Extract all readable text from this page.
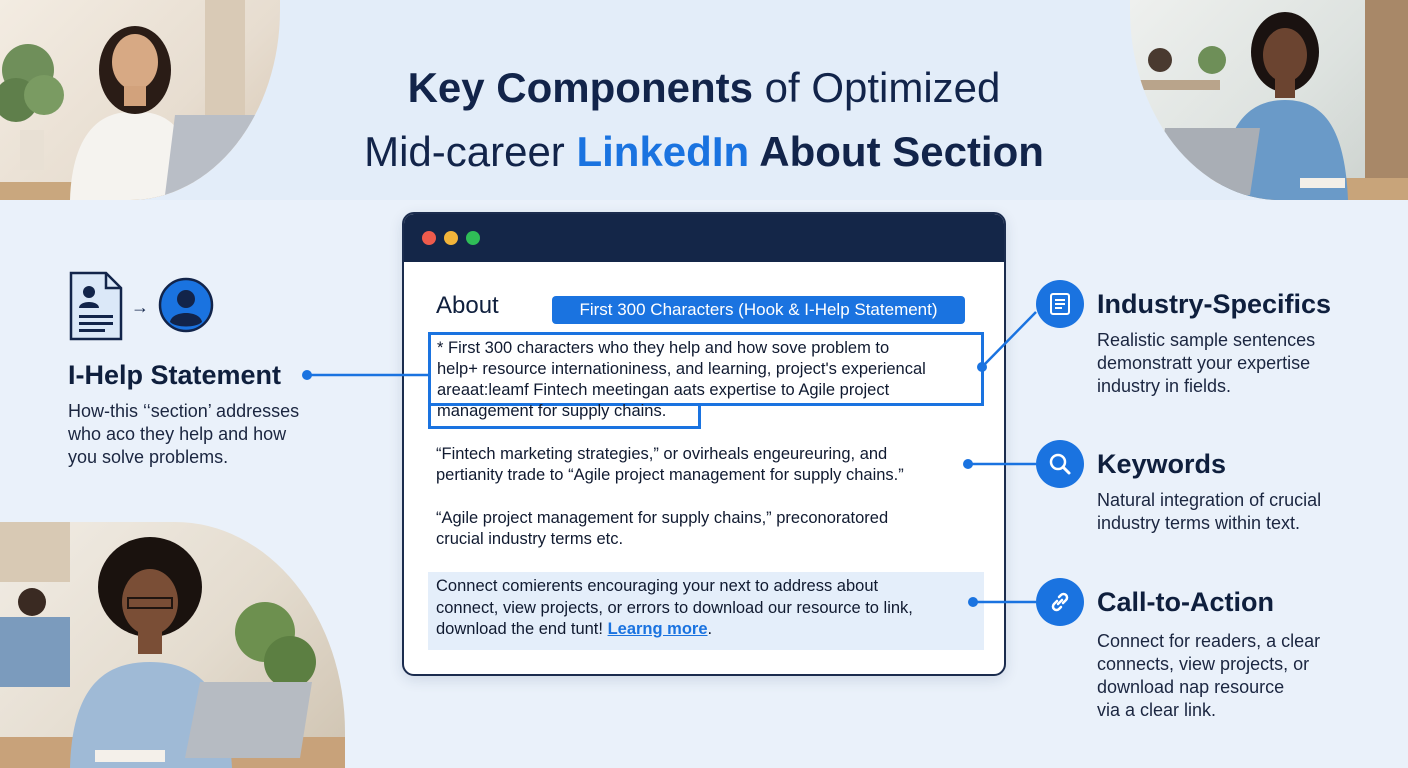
Key Components of Optimized
Mid-career LinkedIn About Section
About	First 300 Characters (Hook & I-Help Statement)
* First 300 characters who they help and how sove problem to
help+ resource internationiness, and learning, project's experiencal
areaat:leamf Fintech meetingan aats expertise to Agile project
management for supply chains.
“Fintech marketing strategies,” or ovirheals engeureuring, and
pertianity trade to “Agile project management for supply chains.”
“Agile project management for supply chains,” preconoratored
crucial industry terms etc.
Connect comierents encouraging your next to address about
connect, view projects, or errors to download our resource to link,
download the end tunt! Learng more.
→
I-Help Statement
How-this ‘‘section’ addresses
who aco they help and how
you solve problems.
Industry-Specifics
Realistic sample sentences
demonstratt your expertise
industry in fields.
Keywords
Natural integration of crucial
industry terms within text.
Call-to-Action
Connect for readers, a clear
connects, view projects, or
download nap resource
via a clear link.
